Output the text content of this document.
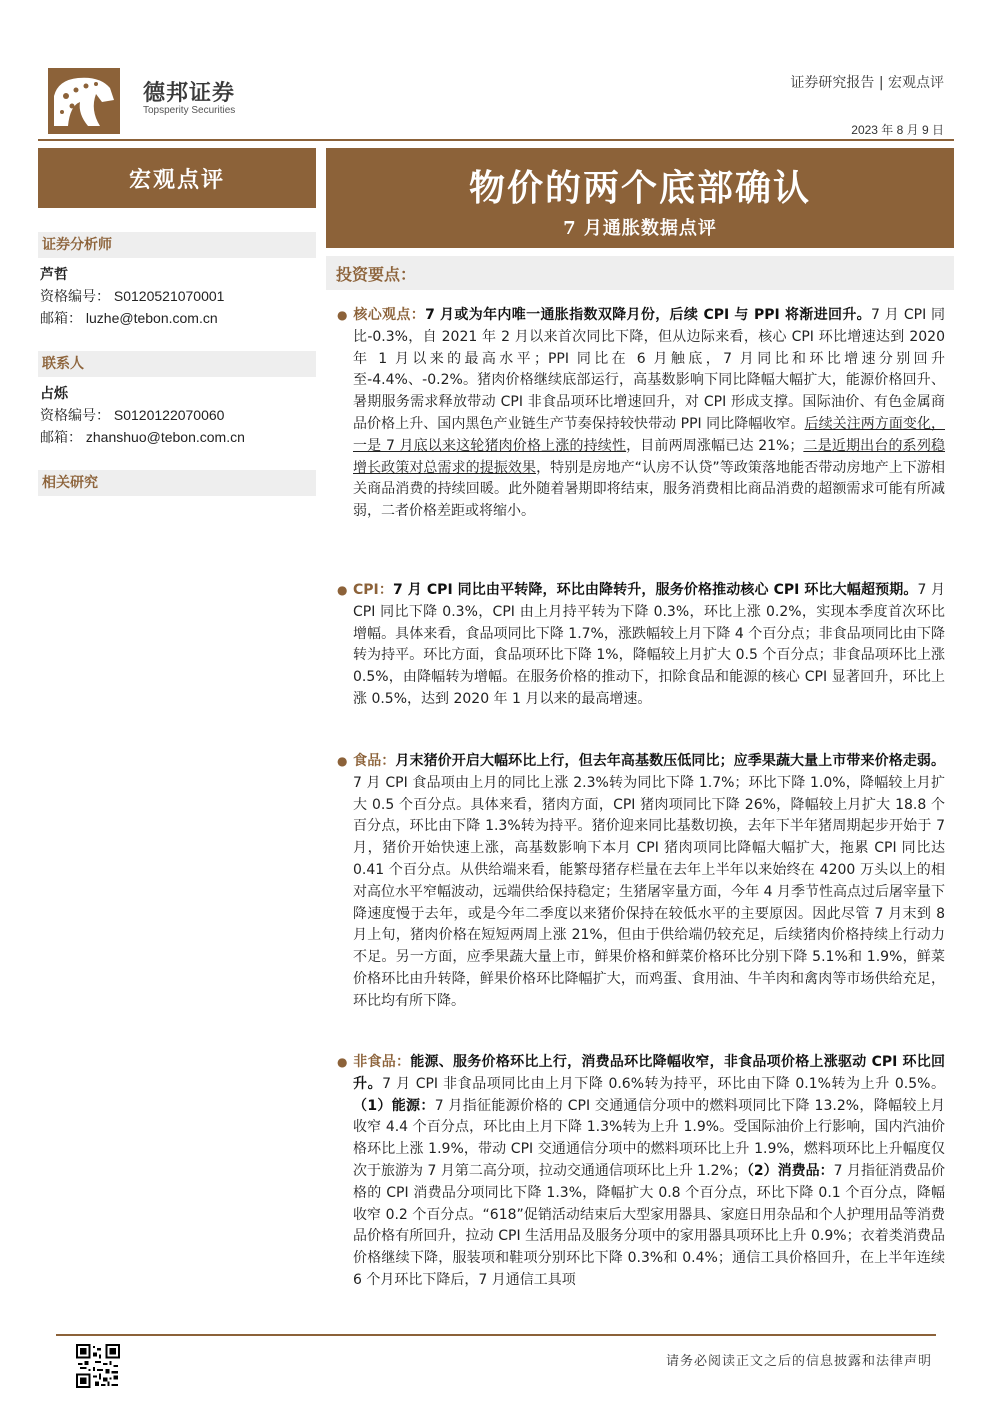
德邦证券
Topsperity Securities
证券研究报告 | 宏观点评
2023 年 8 月 9 日
宏观点评
证券分析师
芦哲
资格编号： S0120521070001
邮箱： luzhe@tebon.com.cn
联系人
占烁
资格编号： S0120122070060
邮箱： zhanshuo@tebon.com.cn
相关研究
物价的两个底部确认
7 月通胀数据点评
投资要点：

● 核心观点：7 月或为年内唯一通胀指数双降月份，后续 CPI 与 PPI 将渐进回升。7 月 CPI 同比-0.3%，自 2021 年 2 月以来首次同比下降，但从边际来看，核心 CPI 环比增速达到 2020 年 1 月以来的最高水平；PPI 同比在 6 月触底，7 月同比和环比增速分别回升至-4.4%、-0.2%。猪肉价格继续底部运行，高基数影响下同比降幅大幅扩大，能源价格回升、暑期服务需求释放带动 CPI 非食品项环比增速回升，对 CPI 形成支撑。国际油价、有色金属商品价格上升、国内黑色产业链生产节奏保持较快带动 PPI 同比降幅收窄。后续关注两方面变化，一是 7 月底以来这轮猪肉价格上涨的持续性，目前两周涨幅已达 21%；二是近期出台的系列稳增长政策对总需求的提振效果，特别是房地产“认房不认贷”等政策落地能否带动房地产上下游相关商品消费的持续回暖。此外随着暑期即将结束，服务消费相比商品消费的超额需求可能有所减弱，二者价格差距或将缩小。

● CPI：7 月 CPI 同比由平转降，环比由降转升，服务价格推动核心 CPI 环比大幅超预期。7 月 CPI 同比下降 0.3%，CPI 由上月持平转为下降 0.3%，环比上涨 0.2%，实现本季度首次环比增幅。具体来看，食品项同比下降 1.7%，涨跌幅较上月下降 4 个百分点；非食品项同比由下降转为持平。环比方面，食品项环比下降 1%，降幅较上月扩大 0.5 个百分点；非食品项环比上涨 0.5%，由降幅转为增幅。在服务价格的推动下，扣除食品和能源的核心 CPI 显著回升，环比上涨 0.5%，达到 2020 年 1 月以来的最高增速。

● 食品：月末猪价开启大幅环比上行，但去年高基数压低同比；应季果蔬大量上市带来价格走弱。7 月 CPI 食品项由上月的同比上涨 2.3%转为同比下降 1.7%；环比下降 1.0%，降幅较上月扩大 0.5 个百分点。具体来看，猪肉方面，CPI 猪肉项同比下降 26%，降幅较上月扩大 18.8 个百分点，环比由下降 1.3%转为持平。猪价迎来同比基数切换，去年下半年猪周期起步开始于 7 月，猪价开始快速上涨，高基数影响下本月 CPI 猪肉项同比降幅大幅扩大，拖累 CPI 同比达 0.41 个百分点。从供给端来看，能繁母猪存栏量在去年上半年以来始终在 4200 万头以上的相对高位水平窄幅波动，远端供给保持稳定；生猪屠宰量方面，今年 4 月季节性高点过后屠宰量下降速度慢于去年，或是今年二季度以来猪价保持在较低水平的主要原因。因此尽管 7 月末到 8 月上旬，猪肉价格在短短两周上涨 21%，但由于供给端仍较充足，后续猪肉价格持续上行动力不足。另一方面，应季果蔬大量上市，鲜果价格和鲜菜价格环比分别下降 5.1%和 1.9%，鲜菜价格环比由升转降，鲜果价格环比降幅扩大，而鸡蛋、食用油、牛羊肉和禽肉等市场供给充足，环比均有所下降。

● 非食品：能源、服务价格环比上行，消费品环比降幅收窄，非食品项价格上涨驱动 CPI 环比回升。7 月 CPI 非食品项同比由上月下降 0.6%转为持平，环比由下降 0.1%转为上升 0.5%。（1）能源：7 月指征能源价格的 CPI 交通通信分项中的燃料项同比下降 13.2%，降幅较上月收窄 4.4 个百分点，环比由上月下降 1.3%转为上升 1.9%。受国际油价上行影响，国内汽油价格环比上涨 1.9%，带动 CPI 交通通信分项中的燃料项环比上升 1.9%，燃料项环比上升幅度仅次于旅游为 7 月第二高分项，拉动交通通信项环比上升 1.2%；（2）消费品：7 月指征消费品价格的 CPI 消费品分项同比下降 1.3%，降幅扩大 0.8 个百分点，环比下降 0.1 个百分点，降幅收窄 0.2 个百分点。“618”促销活动结束后大型家用器具、家庭日用杂品和个人护理用品等消费品价格有所回升，拉动 CPI 生活用品及服务分项中的家用器具项环比上升 0.9%；衣着类消费品价格继续下降，服装项和鞋项分别环比下降 0.3%和 0.4%；通信工具价格回升，在上半年连续 6 个月环比下降后，7 月通信工具项

请务必阅读正文之后的信息披露和法律声明
